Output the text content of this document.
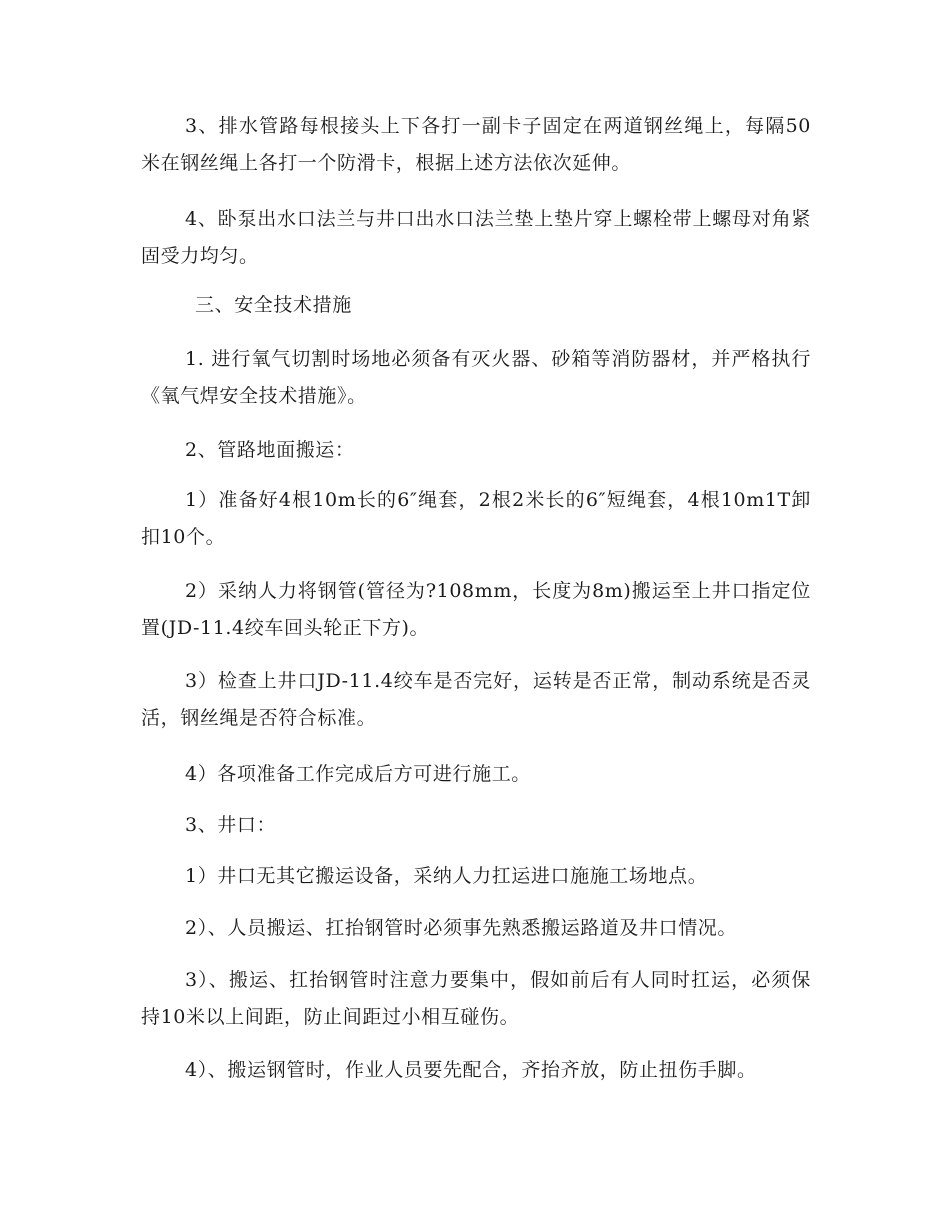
3、排水管路每根接头上下各打一副卡子固定在两道钢丝绳上，每隔50米在钢丝绳上各打一个防滑卡，根据上述方法依次延伸。

4、卧泵出水口法兰与井口出水口法兰垫上垫片穿上螺栓带上螺母对角紧固受力均匀。

三、安全技术措施

1. 进行氧气切割时场地必须备有灭火器、砂箱等消防器材，并严格执行《氧气焊安全技术措施》。

2、管路地面搬运：

1）准备好4根10m长的6″绳套，2根2米长的6″短绳套，4根10m1T卸扣10个。

2）采纳人力将钢管(管径为?108mm，长度为8m)搬运至上井口指定位置(JD-11.4绞车回头轮正下方)。

3）检查上井口JD-11.4绞车是否完好，运转是否正常，制动系统是否灵活，钢丝绳是否符合标准。

4）各项准备工作完成后方可进行施工。

3、井口：

1）井口无其它搬运设备，采纳人力扛运进口施施工场地点。

2）、人员搬运、扛抬钢管时必须事先熟悉搬运路道及井口情况。

3）、搬运、扛抬钢管时注意力要集中，假如前后有人同时扛运，必须保持10米以上间距，防止间距过小相互碰伤。

4）、搬运钢管时，作业人员要先配合，齐抬齐放，防止扭伤手脚。
